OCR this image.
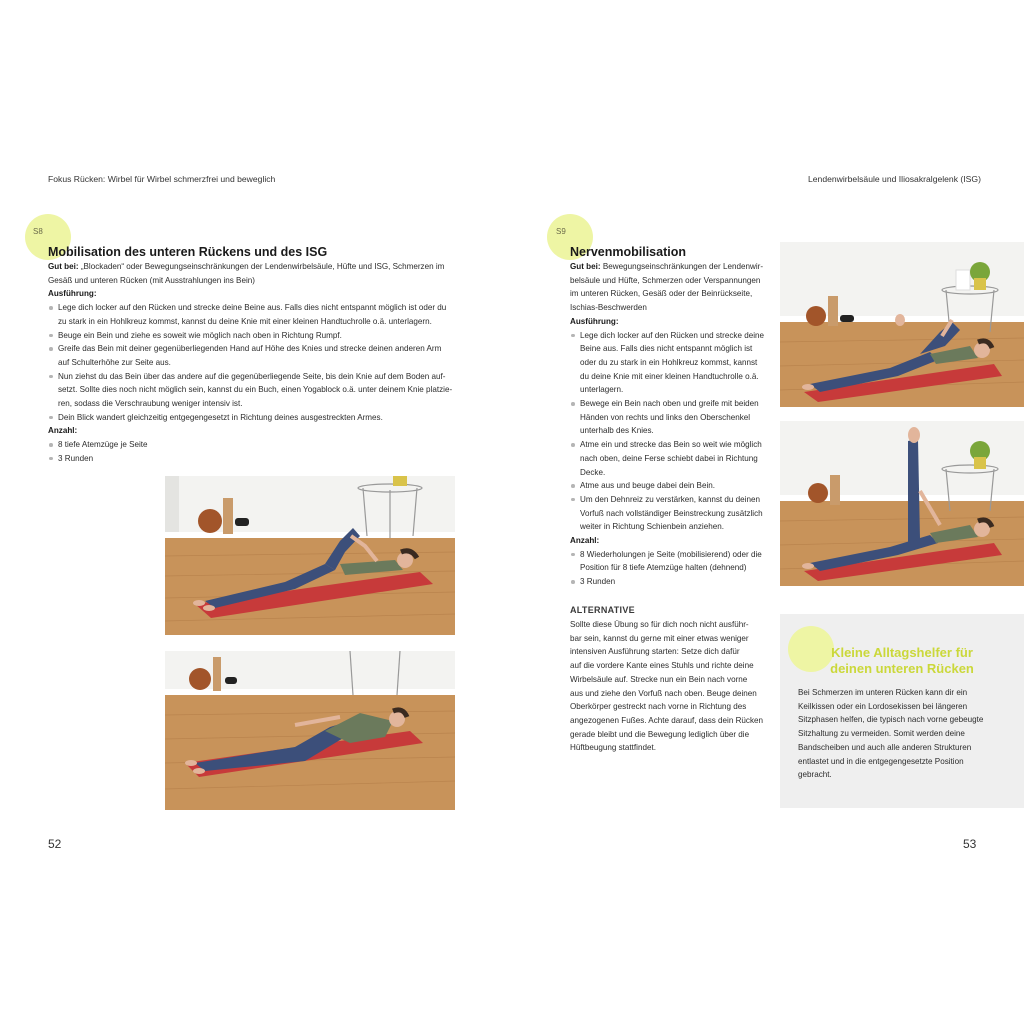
Fokus Rücken: Wirbel für Wirbel schmerzfrei und beweglich
S8
Mobilisation des unteren Rückens und des ISG
Gut bei: „Blockaden“ oder Bewegungseinschränkungen der Lendenwirbelsäule, Hüfte und ISG, Schmerzen im
Gesäß und unteren Rücken (mit Ausstrahlungen ins Bein)
Ausführung:
Lege dich locker auf den Rücken und strecke deine Beine aus. Falls dies nicht entspannt möglich ist oder du
zu stark in ein Hohlkreuz kommst, kannst du deine Knie mit einer kleinen Handtuchrolle o.ä. unterlagern.
Beuge ein Bein und ziehe es soweit wie möglich nach oben in Richtung Rumpf.
Greife das Bein mit deiner gegenüberliegenden Hand auf Höhe des Knies und strecke deinen anderen Arm
auf Schulterhöhe zur Seite aus.
Nun ziehst du das Bein über das andere auf die gegenüberliegende Seite, bis dein Knie auf dem Boden auf-
setzt. Sollte dies noch nicht möglich sein, kannst du ein Buch, einen Yogablock o.ä. unter deinem Knie platzie-
ren, sodass die Verschraubung weniger intensiv ist.
Dein Blick wandert gleichzeitig entgegengesetzt in Richtung deines ausgestreckten Armes.
Anzahl:
8 tiefe Atemzüge je Seite
3 Runden
52
Lendenwirbelsäule und Iliosakralgelenk (ISG)
S9
Nervenmobilisation
Gut bei: Bewegungseinschränkungen der Lendenwir-
belsäule und Hüfte, Schmerzen oder Verspannungen
im unteren Rücken, Gesäß oder der Beinrückseite,
Ischias-Beschwerden
Ausführung:
Lege dich locker auf den Rücken und strecke deine
Beine aus. Falls dies nicht entspannt möglich ist
oder du zu stark in ein Hohlkreuz kommst, kannst
du deine Knie mit einer kleinen Handtuchrolle o.ä.
unterlagern.
Bewege ein Bein nach oben und greife mit beiden
Händen von rechts und links den Oberschenkel
unterhalb des Knies.
Atme ein und strecke das Bein so weit wie möglich
nach oben, deine Ferse schiebt dabei in Richtung
Decke.
Atme aus und beuge dabei dein Bein.
Um den Dehnreiz zu verstärken, kannst du deinen
Vorfuß nach vollständiger Beinstreckung zusätzlich
weiter in Richtung Schienbein anziehen.
Anzahl:
8 Wiederholungen je Seite (mobilisierend) oder die
Position für 8 tiefe Atemzüge halten (dehnend)
3 Runden
ALTERNATIVE
Sollte diese Übung so für dich noch nicht ausführ-
bar sein, kannst du gerne mit einer etwas weniger
intensiven Ausführung starten: Setze dich dafür
auf die vordere Kante eines Stuhls und richte deine
Wirbelsäule auf. Strecke nun ein Bein nach vorne
aus und ziehe den Vorfuß nach oben. Beuge deinen
Oberkörper gestreckt nach vorne in Richtung des
angezogenen Fußes. Achte darauf, dass dein Rücken
gerade bleibt und die Bewegung lediglich über die
Hüftbeugung stattfindet.
Kleine Alltagshelfer für
deinen unteren Rücken
Bei Schmerzen im unteren Rücken kann dir ein
Keilkissen oder ein Lordosekissen bei längeren
Sitzphasen helfen, die typisch nach vorne gebeugte
Sitzhaltung zu vermeiden. Somit werden deine
Bandscheiben und auch alle anderen Strukturen
entlastet und in die entgegengesetzte Position
gebracht.
53
